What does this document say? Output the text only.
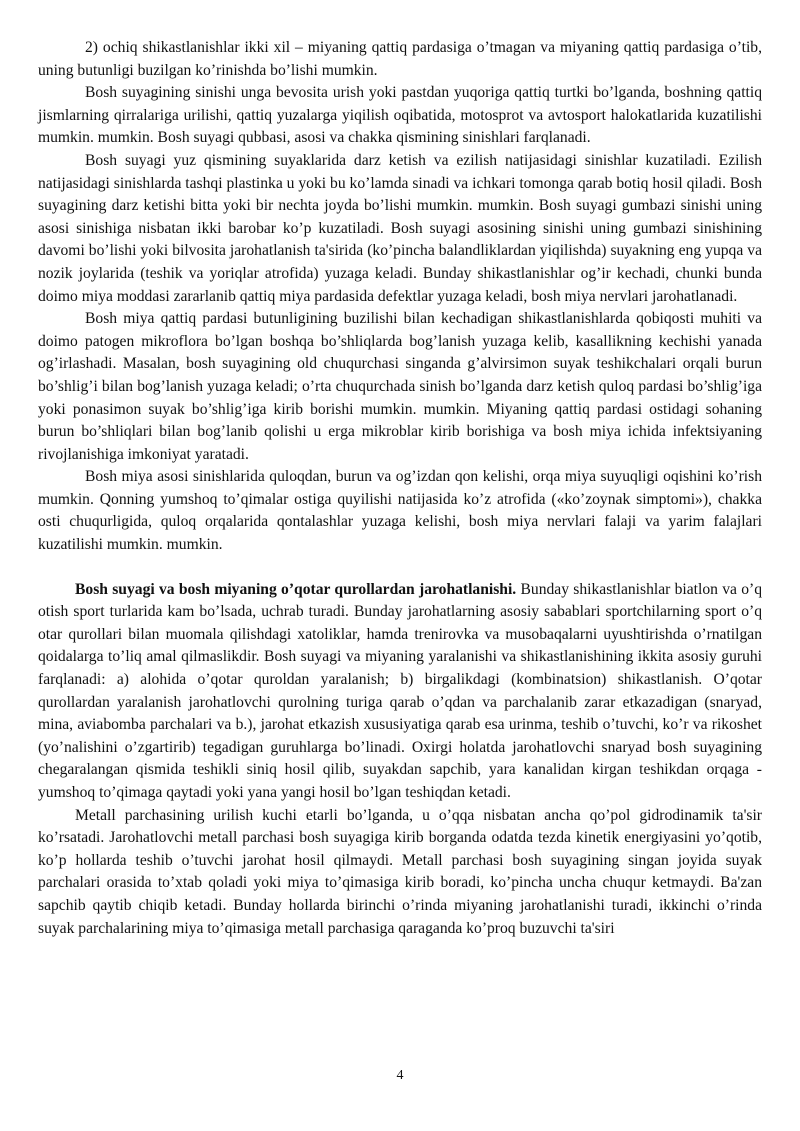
2) ochiq shikastlanishlar ikki xil – miyaning qattiq pardasiga o’tmagan va miyaning qattiq pardasiga o’tib, uning butunligi buzilgan ko’rinishda bo’lishi mumkin.

Bosh suyagining sinishi unga bevosita urish yoki pastdan yuqoriga qattiq turtki bo’lganda, boshning qattiq jismlarning qirralariga urilishi, qattiq yuzalarga yiqilish oqibatida, motosprot va avtosport halokatlarida kuzatilishi mumkin. mumkin. Bosh suyagi qubbasi, asosi va chakka qismining sinishlari farqlanadi.

Bosh suyagi yuz qismining suyaklarida darz ketish va ezilish natijasidagi sinishlar kuzatiladi. Ezilish natijasidagi sinishlarda tashqi plastinka u yoki bu ko’lamda sinadi va ichkari tomonga qarab botiq hosil qiladi. Bosh suyagining darz ketishi bitta yoki bir nechta joyda bo’lishi mumkin. mumkin. Bosh suyagi gumbazi sinishi uning asosi sinishiga nisbatan ikki barobar ko’p kuzatiladi. Bosh suyagi asosining sinishi uning gumbazi sinishining davomi bo’lishi yoki bilvosita jarohatlanish ta'sirida (ko’pincha balandliklardan yiqilishda) suyakning eng yupqa va nozik joylarida (teshik va yoriqlar atrofida) yuzaga keladi. Bunday shikastlanishlar og’ir kechadi, chunki bunda doimo miya moddasi zararlanib qattiq miya pardasida defektlar yuzaga keladi, bosh miya nervlari jarohatlanadi.

Bosh miya qattiq pardasi butunligining buzilishi bilan kechadigan shikastlanishlarda qobiqosti muhiti va doimo patogen mikroflora bo’lgan boshqa bo’shliqlarda bog’lanish yuzaga kelib, kasallikning kechishi yanada og’irlashadi. Masalan, bosh suyagining old chuqurchasi singanda g’alvirsimon suyak teshikchalari orqali burun bo’shlig’i bilan bog’lanish yuzaga keladi; o’rta chuqurchada sinish bo’lganda darz ketish quloq pardasi bo’shlig’iga yoki ponasimon suyak bo’shlig’iga kirib borishi mumkin. mumkin. Miyaning qattiq pardasi ostidagi sohaning burun bo’shliqlari bilan bog’lanib qolishi u erga mikroblar kirib borishiga va bosh miya ichida infektsiyaning rivojlanishiga imkoniyat yaratadi.

Bosh miya asosi sinishlarida quloqdan, burun va og’izdan qon kelishi, orqa miya suyuqligi oqishini ko’rish mumkin. Qonning yumshoq to’qimalar ostiga quyilishi natijasida ko’z atrofida («ko’zoynak simptomi»), chakka osti chuqurligida, quloq orqalarida qontalashlar yuzaga kelishi, bosh miya nervlari falaji va yarim falajlari kuzatilishi mumkin. mumkin.

Bosh suyagi va bosh miyaning o’qotar qurollardan jarohatlanishi. Bunday shikastlanishlar biatlon va o’q otish sport turlarida kam bo’lsada, uchrab turadi. Bunday jarohatlarning asosiy sabablari sportchilarning sport o’q otar qurollari bilan muomala qilishdagi xatoliklar, hamda trenirovka va musobaqalarni uyushtirishda o’rnatilgan qoidalarga to’liq amal qilmaslikdir. Bosh suyagi va miyaning yaralanishi va shikastlanishining ikkita asosiy guruhi farqlanadi: a) alohida o’qotar quroldan yaralanish; b) birgalikdagi (kombinatsion) shikastlanish. O’qotar qurollardan yaralanish jarohatlovchi qurolning turiga qarab o’qdan va parchalanib zarar etkazadigan (snaryad, mina, aviabomba parchalari va b.), jarohat etkazish xususiyatiga qarab esa urinma, teshib o’tuvchi, ko’r va rikoshet (yo’nalishini o’zgartirib) tegadigan guruhlarga bo’linadi. Oxirgi holatda jarohatlovchi snaryad bosh suyagining chegaralangan qismida teshikli siniq hosil qilib, suyakdan sapchib, yara kanalidan kirgan teshikdan orqaga - yumshoq to’qimaga qaytadi yoki yana yangi hosil bo’lgan teshiqdan ketadi.

Metall parchasining urilish kuchi etarli bo’lganda, u o’qqa nisbatan ancha qo’pol gidrodinamik ta'sir ko’rsatadi. Jarohatlovchi metall parchasi bosh suyagiga kirib borganda odatda tezda kinetik energiyasini yo’qotib, ko’p hollarda teshib o’tuvchi jarohat hosil qilmaydi. Metall parchasi bosh suyagining singan joyida suyak parchalari orasida to’xtab qoladi yoki miya to’qimasiga kirib boradi, ko’pincha uncha chuqur ketmaydi. Ba'zan sapchib qaytib chiqib ketadi. Bunday hollarda birinchi o’rinda miyaning jarohatlanishi turadi, ikkinchi o’rinda suyak parchalarining miya to’qimasiga metall parchasiga qaraganda ko’proq buzuvchi ta'siri

4
